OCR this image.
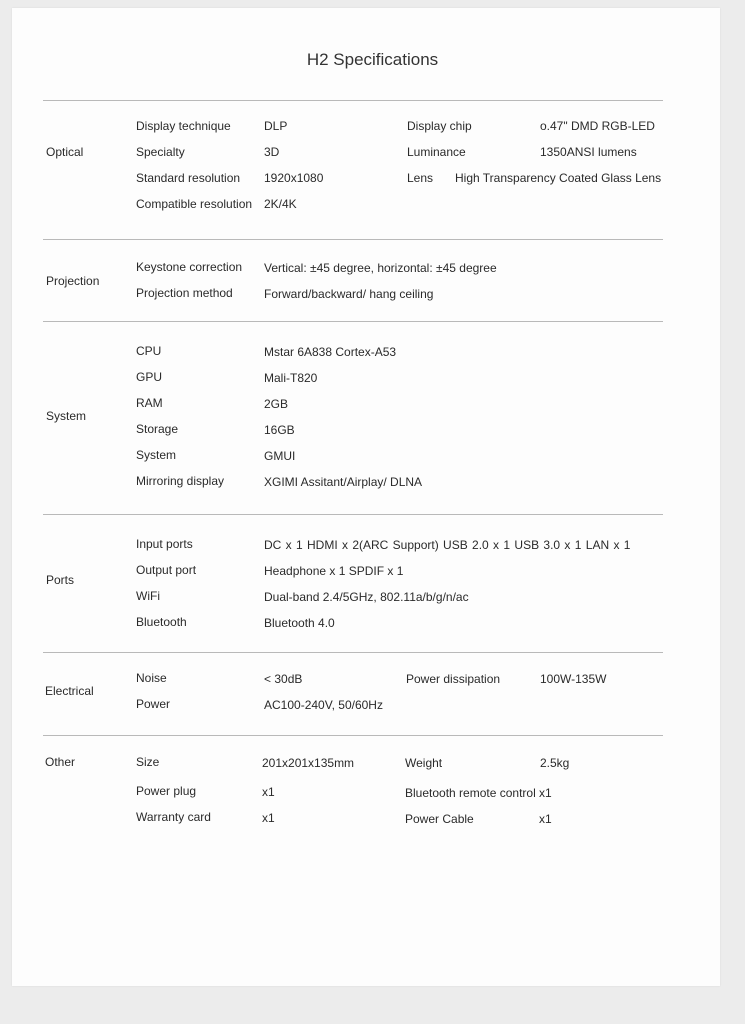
H2 Specifications
Optical
Display technique	DLP	Display chip	o.47" DMD RGB-LED
Specialty	3D	Luminance	1350ANSI lumens
Standard resolution 1920x1080	Lens High Transparency Coated Glass Lens
Compatible resolution 2K/4K
Projection
Keystone correction Vertical: ±45 degree, horizontal: ±45 degree
Projection method	Forward/backward/ hang ceiling
System
CPU	Mstar 6A838 Cortex-A53
GPU	Mali-T820
RAM	2GB
Storage	16GB
System	GMUI
Mirroring display	XGIMI Assitant/Airplay/ DLNA
Ports
Input ports	DC x 1 HDMI x 2(ARC Support) USB 2.0 x 1 USB 3.0 x 1 LAN x 1
Output port	Headphone x 1 SPDIF x 1
WiFi	Dual-band 2.4/5GHz, 802.11a/b/g/n/ac
Bluetooth	Bluetooth 4.0
Electrical
Noise	< 30dB	Power dissipation	100W-135W
Power	AC100-240V, 50/60Hz
Other	Size	201x201x135mm	Weight	2.5kg
Power plug	x1	Bluetooth remote control x1
Warranty card	x1	Power Cable	x1
